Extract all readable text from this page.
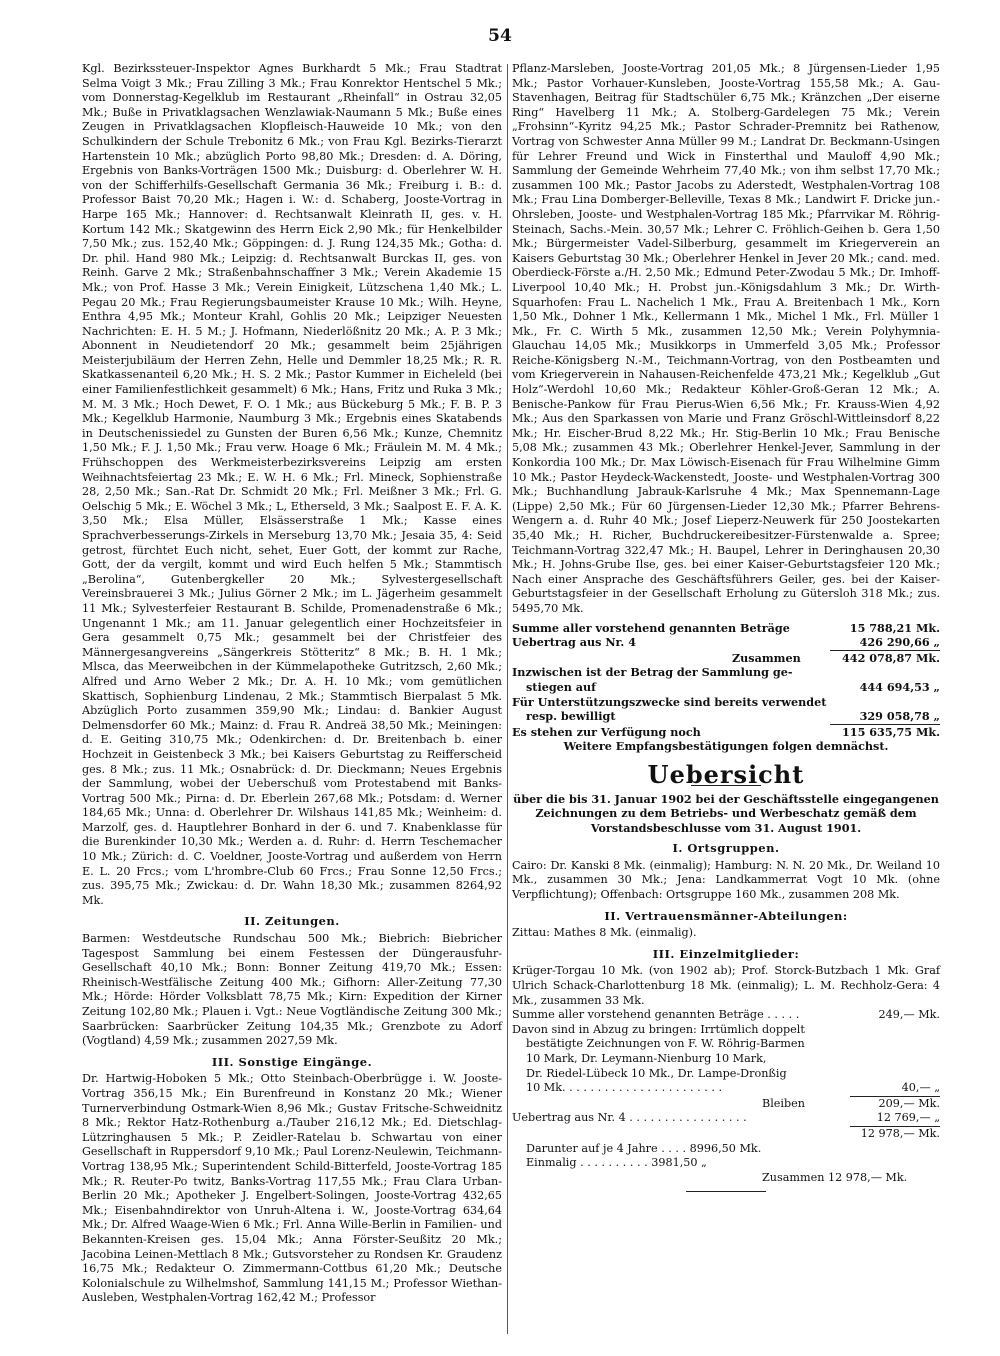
54

Kgl. Bezirkssteuer-Inspektor Agnes Burkhardt 5 Mk.; Frau Stadtrat Selma Voigt 3 Mk.; Frau Zilling 3 Mk.; Frau Konrektor Hentschel 5 Mk.; vom Donnerstag-Kegelklub im Restaurant „Rheinfall“ in Ostrau 32,05 Mk.; Buße in Privatklagsachen Wenzlawiak-Naumann 5 Mk.; Buße eines Zeugen in Privatklagsachen Klopfleisch-Hauweide 10 Mk.; von den Schulkindern der Schule Trebonitz 6 Mk.; von Frau Kgl. Bezirks-Tierarzt Hartenstein 10 Mk.; abzüglich Porto 98,80 Mk.; Dresden: d. A. Döring, Ergebnis von Banks-Vorträgen 1500 Mk.; Duisburg: d. Oberlehrer W. H. von der Schifferhilfs-Gesellschaft Germania 36 Mk.; Freiburg i. B.: d. Professor Baist 70,20 Mk.; Hagen i. W.: d. Schaberg, Jooste-Vortrag in Harpe 165 Mk.; Hannover: d. Rechtsanwalt Kleinrath II, ges. v. H. Kortum 142 Mk.; Skatgewinn des Herrn Eick 2,90 Mk.; für Henkelbilder 7,50 Mk.; zus. 152,40 Mk.; Göppingen: d. J. Rung 124,35 Mk.; Gotha: d. Dr. phil. Hand 980 Mk.; Leipzig: d. Rechtsanwalt Burckas II, ges. von Reinh. Garve 2 Mk.; Straßenbahnschaffner 3 Mk.; Verein Akademie 15 Mk.; von Prof. Hasse 3 Mk.; Verein Einigkeit, Lützschena 1,40 Mk.; L. Pegau 20 Mk.; Frau Regierungsbaumeister Krause 10 Mk.; Wilh. Heyne, Enthra 4,95 Mk.; Monteur Krahl, Gohlis 20 Mk.; Leipziger Neuesten Nachrichten: E. H. 5 M.; J. Hofmann, Niederlößnitz 20 Mk.; A. P. 3 Mk.; Abonnent in Neudietendorf 20 Mk.; gesammelt beim 25jährigen Meisterjubiläum der Herren Zehn, Helle und Demmler 18,25 Mk.; R. R. Skatkassenanteil 6,20 Mk.; H. S. 2 Mk.; Pastor Kummer in Eicheleld (bei einer Familienfestlichkeit gesammelt) 6 Mk.; Hans, Fritz und Ruka 3 Mk.; M. M. 3 Mk.; Hoch Dewet, F. O. 1 Mk.; aus Bückeburg 5 Mk.; F. B. P. 3 Mk.; Kegelklub Harmonie, Naumburg 3 Mk.; Ergebnis eines Skatabends in Deutschenissiedel zu Gunsten der Buren 6,56 Mk.; Kunze, Chemnitz 1,50 Mk.; F. J. 1,50 Mk.; Frau verw. Hoage 6 Mk.; Fräulein M. M. 4 Mk.; Frühschoppen des Werkmeisterbezirksvereins Leipzig am ersten Weihnachtsfeiertag 23 Mk.; E. W. H. 6 Mk.; Frl. Mineck, Sophienstraße 28, 2,50 Mk.; San.-Rat Dr. Schmidt 20 Mk.; Frl. Meißner 3 Mk.; Frl. G. Oelschig 5 Mk.; E. Wöchel 3 Mk.; L, Etherseld, 3 Mk.; Saalpost E. F. A. K. 3,50 Mk.; Elsa Müller, Elsässerstraße 1 Mk.; Kasse eines Sprachverbesserungs-Zirkels in Merseburg 13,70 Mk.; Jesaia 35, 4: Seid getrost, fürchtet Euch nicht, sehet, Euer Gott, der kommt zur Rache, Gott, der da vergilt, kommt und wird Euch helfen 5 Mk.; Stammtisch „Berolina“, Gutenbergkeller 20 Mk.; Sylvestergesellschaft Vereinsbrauerei 3 Mk.; Julius Görner 2 Mk.; im L. Jägerheim gesammelt 11 Mk.; Sylvesterfeier Restaurant B. Schilde, Promenadenstraße 6 Mk.; Ungenannt 1 Mk.; am 11. Januar gelegentlich einer Hochzeitsfeier in Gera gesammelt 0,75 Mk.; gesammelt bei der Christfeier des Männergesangvereins „Sängerkreis Stötteritz“ 8 Mk.; B. H. 1 Mk.; Mlsca, das Meerweibchen in der Kümmelapotheke Gutritzsch, 2,60 Mk.; Alfred und Arno Weber 2 Mk.; Dr. A. H. 10 Mk.; vom gemütlichen Skattisch, Sophienburg Lindenau, 2 Mk.; Stammtisch Bierpalast 5 Mk. Abzüglich Porto zusammen 359,90 Mk.; Lindau: d. Bankier August Delmensdorfer 60 Mk.; Mainz: d. Frau R. Andreä 38,50 Mk.; Meiningen: d. E. Geiting 310,75 Mk.; Odenkirchen: d. Dr. Breitenbach b. einer Hochzeit in Geistenbeck 3 Mk.; bei Kaisers Geburtstag zu Reifferscheid ges. 8 Mk.; zus. 11 Mk.; Osnabrück: d. Dr. Dieckmann; Neues Ergebnis der Sammlung, wobei der Ueberschuß vom Protestabend mit Banks-Vortrag 500 Mk.; Pirna: d. Dr. Eberlein 267,68 Mk.; Potsdam: d. Werner 184,65 Mk.; Unna: d. Oberlehrer Dr. Wilshaus 141,85 Mk.; Weinheim: d. Marzolf, ges. d. Hauptlehrer Bonhard in der 6. und 7. Knabenklasse für die Burenkinder 10,30 Mk.; Werden a. d. Ruhr: d. Herrn Teschemacher 10 Mk.; Zürich: d. C. Voeldner, Jooste-Vortrag und außerdem von Herrn E. L. 20 Frcs.; vom L'hrombre-Club 60 Frcs.; Frau Sonne 12,50 Frcs.; zus. 395,75 Mk.; Zwickau: d. Dr. Wahn 18,30 Mk.; zusammen 8264,92 Mk.

II. Zeitungen.

Barmen: Westdeutsche Rundschau 500 Mk.; Biebrich: Biebricher Tagespost Sammlung bei einem Festessen der Düngerausfuhr-Gesellschaft 40,10 Mk.; Bonn: Bonner Zeitung 419,70 Mk.; Essen: Rheinisch-Westfälische Zeitung 400 Mk.; Gifhorn: Aller-Zeitung 77,30 Mk.; Hörde: Hörder Volksblatt 78,75 Mk.; Kirn: Expedition der Kirner Zeitung 102,80 Mk.; Plauen i. Vgt.: Neue Vogtländische Zeitung 300 Mk.; Saarbrücken: Saarbrücker Zeitung 104,35 Mk.; Grenzbote zu Adorf (Vogtland) 4,59 Mk.; zusammen 2027,59 Mk.

III. Sonstige Eingänge.

Dr. Hartwig-Hoboken 5 Mk.; Otto Steinbach-Oberbrügge i. W. Jooste-Vortrag 356,15 Mk.; Ein Burenfreund in Konstanz 20 Mk.; Wiener Turnerverbindung Ostmark-Wien 8,96 Mk.; Gustav Fritsche-Schweidnitz 8 Mk.; Rektor Hatz-Rothenburg a./Tauber 216,12 Mk.; Ed. Dietschlag-Lützringhausen 5 Mk.; P. Zeidler-Ratelau b. Schwartau von einer Gesellschaft in Ruppersdorf 9,10 Mk.; Paul Lorenz-Neulewin, Teichmann-Vortrag 138,95 Mk.; Superintendent Schild-Bitterfeld, Jooste-Vortrag 185 Mk.; R. Reuter-Po twitz, Banks-Vortrag 117,55 Mk.; Frau Clara Urban-Berlin 20 Mk.; Apotheker J. Engelbert-Solingen, Jooste-Vortrag 432,65 Mk.; Eisenbahndirektor von Unruh-Altena i. W., Jooste-Vortrag 634,64 Mk.; Dr. Alfred Waage-Wien 6 Mk.; Frl. Anna Wille-Berlin in Familien- und Bekannten-Kreisen ges. 15,04 Mk.; Anna Förster-Seußitz 20 Mk.; Jacobina Leinen-Mettlach 8 Mk.; Gutsvorsteher zu Rondsen Kr. Graudenz 16,75 Mk.; Redakteur O. Zimmermann-Cottbus 61,20 Mk.; Deutsche Kolonialschule zu Wilhelmshof, Sammlung 141,15 M.; Professor Wiethan-Ausleben, Westphalen-Vortrag 162,42 M.; Professor

Pflanz-Marsleben, Jooste-Vortrag 201,05 Mk.; 8 Jürgensen-Lieder 1,95 Mk.; Pastor Vorhauer-Kunsleben, Jooste-Vortrag 155,58 Mk.; A. Gau-Stavenhagen, Beitrag für Stadtschüler 6,75 Mk.; Kränzchen „Der eiserne Ring“ Havelberg 11 Mk.; A. Stolberg-Gardelegen 75 Mk.; Verein „Frohsinn“-Kyritz 94,25 Mk.; Pastor Schrader-Premnitz bei Rathenow, Vortrag von Schwester Anna Müller 99 M.; Landrat Dr. Beckmann-Usingen für Lehrer Freund und Wick in Finsterthal und Mauloff 4,90 Mk.; Sammlung der Gemeinde Wehrheim 77,40 Mk.; von ihm selbst 17,70 Mk.; zusammen 100 Mk.; Pastor Jacobs zu Aderstedt, Westphalen-Vortrag 108 Mk.; Frau Lina Domberger-Belleville, Texas 8 Mk.; Landwirt F. Dricke jun.-Ohrsleben, Jooste- und Westphalen-Vortrag 185 Mk.; Pfarrvikar M. Röhrig-Steinach, Sachs.-Mein. 30,57 Mk.; Lehrer C. Fröhlich-Geihen b. Gera 1,50 Mk.; Bürgermeister Vadel-Silberburg, gesammelt im Kriegerverein an Kaisers Geburtstag 30 Mk.; Oberlehrer Henkel in Jever 20 Mk.; cand. med. Oberdieck-Förste a./H. 2,50 Mk.; Edmund Peter-Zwodau 5 Mk.; Dr. Imhoff-Liverpool 10,40 Mk.; H. Probst jun.-Königsdahlum 3 Mk.; Dr. Wirth-Squarhofen: Frau L. Nachelich 1 Mk., Frau A. Breitenbach 1 Mk., Korn 1,50 Mk., Dohner 1 Mk., Kellermann 1 Mk., Michel 1 Mk., Frl. Müller 1 Mk., Fr. C. Wirth 5 Mk., zusammen 12,50 Mk.; Verein Polyhymnia-Glauchau 14,05 Mk.; Musikkorps in Ummerfeld 3,05 Mk.; Professor Reiche-Königsberg N.-M., Teichmann-Vortrag, von den Postbeamten und vom Kriegerverein in Nahausen-Reichenfelde 473,21 Mk.; Kegelklub „Gut Holz“-Werdohl 10,60 Mk.; Redakteur Köhler-Groß-Geran 12 Mk.; A. Benische-Pankow für Frau Pierus-Wien 6,56 Mk.; Fr. Krauss-Wien 4,92 Mk.; Aus den Sparkassen von Marie und Franz Gröschl-Wittleinsdorf 8,22 Mk.; Hr. Eischer-Brud 8,22 Mk.; Hr. Stig-Berlin 10 Mk.; Frau Benische 5,08 Mk.; zusammen 43 Mk.; Oberlehrer Henkel-Jever, Sammlung in der Konkordia 100 Mk.; Dr. Max Löwisch-Eisenach für Frau Wilhelmine Gimm 10 Mk.; Pastor Heydeck-Wackenstedt, Jooste- und Westphalen-Vortrag 300 Mk.; Buchhandlung Jabrauk-Karlsruhe 4 Mk.; Max Spennemann-Lage (Lippe) 2,50 Mk.; Für 60 Jürgensen-Lieder 12,30 Mk.; Pfarrer Behrens-Wengern a. d. Ruhr 40 Mk.; Josef Lieperz-Neuwerk für 250 Joostekarten 35,40 Mk.; H. Richer, Buchdruckereibesitzer-Fürstenwalde a. Spree; Teichmann-Vortrag 322,47 Mk.; H. Baupel, Lehrer in Deringhausen 20,30 Mk.; H. Johns-Grube Ilse, ges. bei einer Kaiser-Geburtstagsfeier 120 Mk.; Nach einer Ansprache des Geschäftsführers Geiler, ges. bei der Kaiser-Geburtstagsfeier in der Gesellschaft Erholung zu Gütersloh 318 Mk.; zus. 5495,70 Mk.

Summe aller vorstehend genannten Beträge	15 788,21 Mk.
Uebertrag aus Nr. 4	426 290,66 „
Zusammen	442 078,87 Mk.
Inzwischen ist der Betrag der Sammlung ge-
stiegen auf	444 694,53 „
Für Unterstützungszwecke sind bereits verwendet
resp. bewilligt	329 058,78 „
Es stehen zur Verfügung noch	115 635,75 Mk.
Weitere Empfangsbestätigungen folgen demnächst.
Uebersicht
über die bis 31. Januar 1902 bei der Geschäftsstelle eingegangenen Zeichnungen zu dem Betriebs- und Werbeschatz gemäß dem Vorstandsbeschlusse vom 31. August 1901.
I. Ortsgruppen.

Cairo: Dr. Kanski 8 Mk. (einmalig); Hamburg: N. N. 20 Mk., Dr. Weiland 10 Mk., zusammen 30 Mk.; Jena: Landkammerrat Vogt 10 Mk. (ohne Verpflichtung); Offenbach: Ortsgruppe 160 Mk., zusammen 208 Mk.

II. Vertrauensmänner-Abteilungen:

Zittau: Mathes 8 Mk. (einmalig).

III. Einzelmitglieder:

Krüger-Torgau 10 Mk. (von 1902 ab); Prof. Storck-Butzbach 1 Mk. Graf Ulrich Schack-Charlottenburg 18 Mk. (einmalig); L. M. Rechholz-Gera: 4 Mk., zusammen 33 Mk.

Summe aller vorstehend genannten Beträge . . . . .	249,— Mk.
Davon sind in Abzug zu bringen: Irrtümlich doppelt
bestätigte Zeichnungen von F. W. Röhrig-Barmen
10 Mark, Dr. Leymann-Nienburg 10 Mark,
Dr. Riedel-Lübeck 10 Mk., Dr. Lampe-Dronßig
10 Mk. . . . . . . . . . . . . . . . . . . . . . .	40,— „
Bleiben	209,— Mk.
Uebertrag aus Nr. 4 . . . . . . . . . . . . . . . . .	12 769,— „
12 978,— Mk.
Darunter auf je 4 Jahre . . . . 8996,50 Mk.
Einmalig . . . . . . . . . . 3981,50 „
Zusammen 12 978,— Mk.
